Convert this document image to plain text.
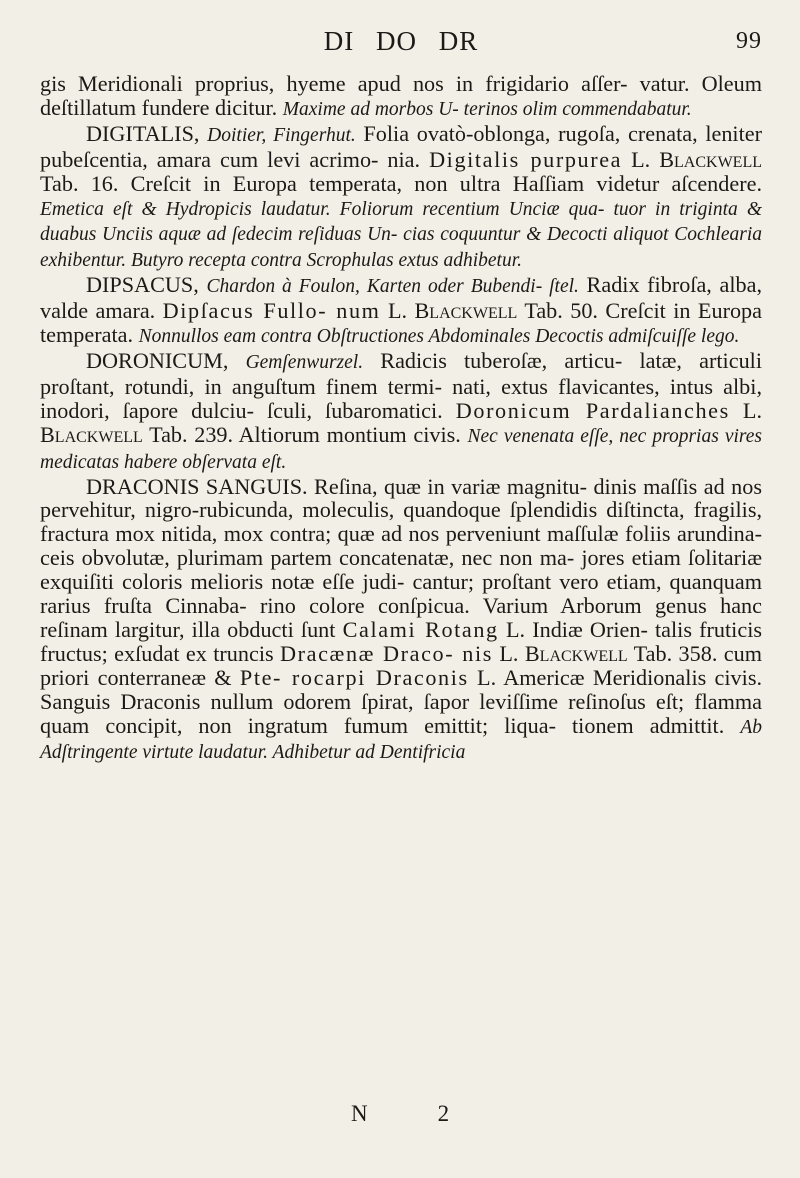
DI DO DR	99

gis Meridionali proprius, hyeme apud nos in frigidario aſſer- vatur. Oleum deſtillatum fundere dicitur. Maxime ad morbos U- terinos olim commendabatur.

DIGITALIS, Doitier, Fingerhut. Folia ovatò-oblonga, rugoſa, crenata, leniter pubeſcentia, amara cum levi acrimo- nia. Digitalis purpurea L. Blackwell Tab. 16. Creſcit in Europa temperata, non ultra Haſſiam videtur aſcendere. Emetica eſt & Hydropicis laudatur. Foliorum recentium Unciæ qua- tuor in triginta & duabus Unciis aquæ ad ſedecim reſiduas Un- cias coquuntur & Decocti aliquot Cochlearia exhibentur. Butyro recepta contra Scrophulas extus adhibetur.

DIPSACUS, Chardon à Foulon, Karten oder Bubendi- ſtel. Radix fibroſa, alba, valde amara. Dipſacus Fullo- num L. Blackwell Tab. 50. Creſcit in Europa temperata. Nonnullos eam contra Obſtructiones Abdominales Decoctis admiſcuiſſe lego.

DORONICUM, Gemſenwurzel. Radicis tuberoſæ, articu- latæ, articuli proſtant, rotundi, in anguſtum finem termi- nati, extus flavicantes, intus albi, inodori, ſapore dulciu- ſculi, ſubaromatici. Doronicum Pardalianches L. Blackwell Tab. 239. Altiorum montium civis. Nec venenata eſſe, nec proprias vires medicatas habere obſervata eſt.

DRACONIS SANGUIS. Reſina, quæ in variæ magnitu- dinis maſſis ad nos pervehitur, nigro-rubicunda, moleculis, quandoque ſplendidis diſtincta, fragilis, fractura mox nitida, mox contra; quæ ad nos perveniunt maſſulæ foliis arundina- ceis obvolutæ, plurimam partem concatenatæ, nec non ma- jores etiam ſolitariæ exquiſiti coloris melioris notæ eſſe judi- cantur; proſtant vero etiam, quanquam rarius fruſta Cinnaba- rino colore conſpicua. Varium Arborum genus hanc reſinam largitur, illa obducti ſunt Calami Rotang L. Indiæ Orien- talis fruticis fructus; exſudat ex truncis Dracænæ Draco- nis L. Blackwell Tab. 358. cum priori conterraneæ & Pte- rocarpi Draconis L. Americæ Meridionalis civis. Sanguis Draconis nullum odorem ſpirat, ſapor leviſſime reſinoſus eſt; flamma quam concipit, non ingratum fumum emittit; liqua- tionem admittit. Ab Adſtringente virtute laudatur. Adhibetur ad Dentifricia

N	2
